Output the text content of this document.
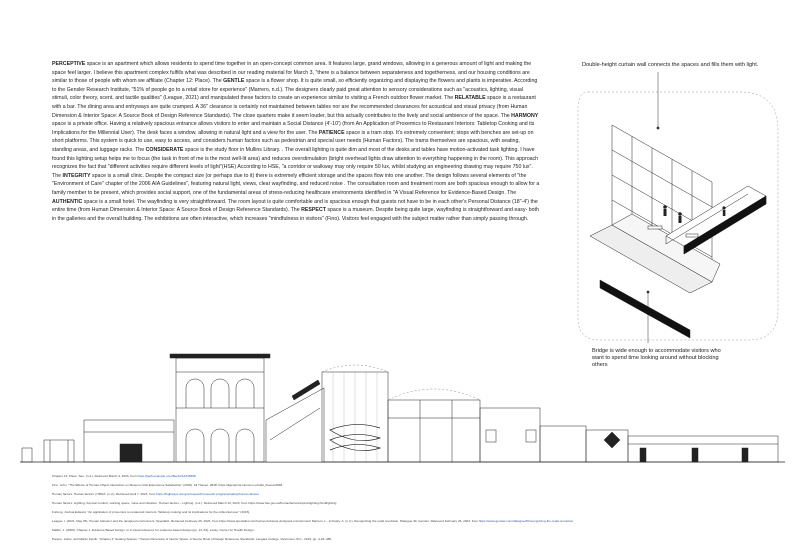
PERCEPTIVE space is an apartment which allows residents to spend time together in an open-concept common area. It features large, grand windows, allowing in a generous amount of light and making the space feel larger. I believe this apartment complex fulfills what was described in our reading material for March 3, "there is a balance between separateness and togetherness, and our housing conditions are similar to those of people with whom we affiliate (Chapter 12: Place). The GENTLE space is a flower shop. It is quite small, so efficiently organizing and displaying the flowers and plants is imperative. According to the Gensler Research Institute, "51% of people go to a retail store for experience" (Marrero, n.d.). The designers clearly paid great attention to sensory considerations such as "acoustics, lighting, visual stimuli, color theory, scent, and tactile qualities" (League, 2021) and manipulated these factors to create an experience similar to visiting a French outdoor flower market. The RELATABLE space is a restaurant with a bar. The dining area and entryways are quite cramped. A 36" clearance is certainly not maintained between tables nor are the recommended clearances for acoustical and visual privacy (from Human Dimension & Interior Space: A Source Book of Design Reference Standards). The close quarters make it seem louder, but this actually contributes to the lively and social ambience of the space. The HARMONY space is a private office. Having a relatively spacious entrance allows visitors to enter and maintain a Social Distance (4'-10') (from An Application of Proxemics to Restaurant Interiors: Tabletop Cooking and its Implications for the Millennial User). The desk faces a window, allowing in natural light and a view for the user. The PATIENCE space is a tram stop. It's extremely convenient; stops with benches are set-up on short platforms. This system is quick to use, easy to access, and considers human factors such as pedestrian and special user needs (Human Factors). The trams themselves are spacious, with seating, standing areas, and luggage racks. The CONSIDERATE space is the study floor in Mullins Library. . The overall lighting is quite dim and most of the desks and tables have motion-activated task lighting. I have found this lighting setup helps me to focus (the task in front of me is the most well-lit area) and reduces overstimulation (bright overhead lights draw attention to everything happening in the room). This approach recognizes the fact that "different activities require different levels of light"(HSE) According to HSE, "a corridor or walkway may only require 50 lux, whilst studying an engineering drawing may require 750 lux". The INTEGRITY space is a small clinic. Despite the compact size (or perhaps due to it) there is extremely efficient storage and the spaces flow into one another. The design follows several elements of "the "Environment of Care" chapter of the 2006 AIA Guidelines", featuring natural light, views, clear wayfinding, and reduced noise . The consultation room and treatment room are both spacious enough to allow for a family member to be present, which provides social support, one of the fundamental areas of stress-reducing healthcare environments identified in "A Visual Reference for Evidence-Based Design. The AUTHENTIC space is a small hotel. The wayfinding is very straightforward. The room layout is quite comfortable and is spacious enough that guests not have to be in each other's Personal Distance (18"-4') the entire time (from Human Dimension & Interior Space: A Source Book of Design Reference Standards). The RESPECT space is a museum. Despite being quite large, wayfinding is straightforward and easy- both in the galleries and the overall building. The exhibitions are often interactive, which increases "mindfulness in visitors" (Fino). Visitors feel engaged with the subject matter rather than simply passing through.
Double-height curtain wall connects the spaces and fills them with light.
Bridge is wide enough to accommodate visitors who want to spend time looking around without blocking others
Chapter 12: Place. See. (n.d.). Retrieved March 3, 2023, from https://path.example.com/file/12/12345698
Fino, John. "The Effects of Human-Object Interaction on Museum Visit Experience Satisfaction" (2018). All Theses. 2848. https://tigerprints.clemson.edu/all_theses/2848
Human factors. Human factors | HMSA. (n.d.). Retrieved April 7, 2023, from https://highways.dot.gov/research/research-programs/safety/human-factors
Human factors: Lighting, thermal comfort, working space, noise and vibration. Human factors – Lighting. (n.d.). Retrieved March 10, 2023, from https://www.hse.gov.uk/humanfactors/topics/lighting.htm#lighting
Furlong, Joshua Edward. "An application of proxemics to restaurant interiors: Tabletop cooking and its implications for the millennial user" (2015).
League, I. (2021, May 25). Human behavior and the designed environment. Specialist. Retrieved February 26, 2023, from https://www.specialist.com/human-behavior-designed-environment/ Marrero, L., & Dosky, A. (n.d.). Recognizing the retail revolution. Dialogue 30. Gensler. Retrieved February 26, 2023, from https://www.gensler.com/dialogue/30/recognizing-the-retail-revolution
Malkin, J. (2008). Chapter 1. Evidence Based Design. In A visual reference for evidence-based design (pp. 13–33). essay, Center for Health Design.
Panero, Julius, and Martin Zelnik. "Chapter 4: Seating Spaces." Human Dimension & Interior Space: A Source Book of Design Reference Standards, Langara College, Vancouver, B.C., 2019, pp. 4-23–488.
